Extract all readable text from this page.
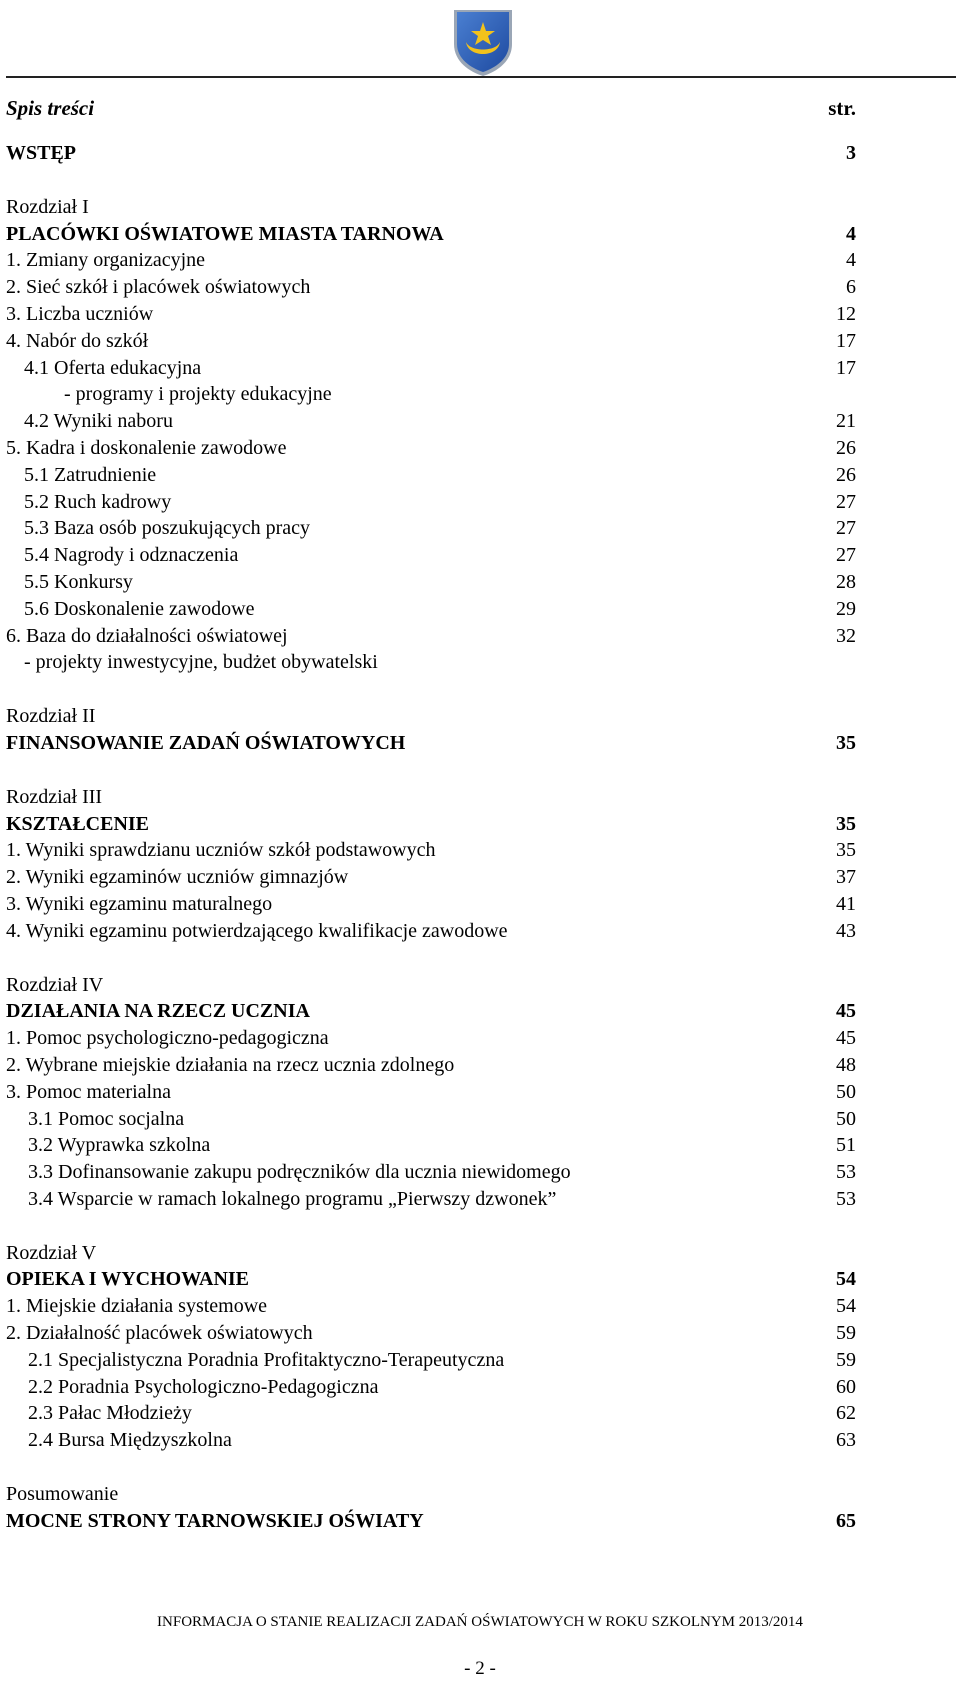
Spis treści	str.
WSTĘP	3
Rozdział I
PLACÓWKI OŚWIATOWE MIASTA TARNOWA	4
1. Zmiany organizacyjne	4
2. Sieć szkół i placówek oświatowych	6
3. Liczba uczniów	12
4. Nabór do szkół	17
4.1 Oferta edukacyjna	17
- programy i projekty edukacyjne
4.2 Wyniki naboru	21
5. Kadra i doskonalenie zawodowe	26
5.1 Zatrudnienie	26
5.2 Ruch kadrowy	27
5.3 Baza osób poszukujących pracy	27
5.4 Nagrody i odznaczenia	27
5.5 Konkursy	28
5.6 Doskonalenie zawodowe	29
6. Baza do działalności oświatowej	32
- projekty inwestycyjne, budżet obywatelski
Rozdział II
FINANSOWANIE ZADAŃ OŚWIATOWYCH	35
Rozdział III
KSZTAŁCENIE	35
1. Wyniki sprawdzianu uczniów szkół podstawowych	35
2. Wyniki egzaminów uczniów gimnazjów	37
3. Wyniki egzaminu maturalnego	41
4. Wyniki egzaminu potwierdzającego kwalifikacje zawodowe	43
Rozdział IV
DZIAŁANIA NA RZECZ UCZNIA	45
1. Pomoc psychologiczno-pedagogiczna	45
2. Wybrane miejskie działania na rzecz ucznia zdolnego	48
3. Pomoc materialna	50
3.1 Pomoc socjalna	50
3.2 Wyprawka szkolna	51
3.3 Dofinansowanie zakupu podręczników dla ucznia niewidomego	53
3.4 Wsparcie w ramach lokalnego programu „Pierwszy dzwonek”	53
Rozdział V
OPIEKA I WYCHOWANIE	54
1. Miejskie działania systemowe	54
2. Działalność placówek oświatowych	59
2.1 Specjalistyczna Poradnia Profitaktyczno-Terapeutyczna	59
2.2 Poradnia Psychologiczno-Pedagogiczna	60
2.3 Pałac Młodzieży	62
2.4 Bursa Międzyszkolna	63
Posumowanie
MOCNE STRONY TARNOWSKIEJ OŚWIATY	65
INFORMACJA O STANIE REALIZACJI ZADAŃ OŚWIATOWYCH W ROKU SZKOLNYM 2013/2014
- 2 -
